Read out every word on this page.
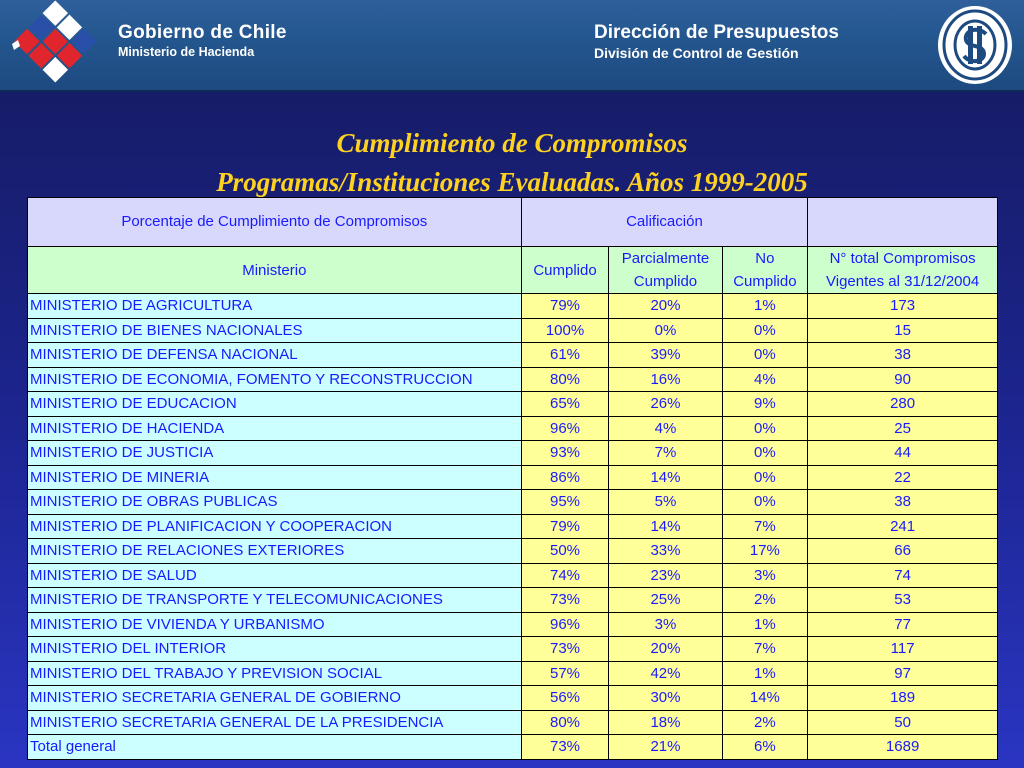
Gobierno de Chile
Ministerio de Hacienda
Dirección de Presupuestos
División de Control de Gestión
Cumplimiento de Compromisos
Programas/Instituciones Evaluadas. Años 1999-2005
Porcentaje de Cumplimiento de Compromisos	Calificación			
Ministerio	Cumplido	Parcialmente Cumplido	No Cumplido	N° total Compromisos Vigentes al 31/12/2004
MINISTERIO DE AGRICULTURA	79%	20%	1%	173
MINISTERIO DE BIENES NACIONALES	100%	0%	0%	15
MINISTERIO DE DEFENSA NACIONAL	61%	39%	0%	38
MINISTERIO DE ECONOMIA, FOMENTO Y RECONSTRUCCION	80%	16%	4%	90
MINISTERIO DE EDUCACION	65%	26%	9%	280
MINISTERIO DE HACIENDA	96%	4%	0%	25
MINISTERIO DE JUSTICIA	93%	7%	0%	44
MINISTERIO DE MINERIA	86%	14%	0%	22
MINISTERIO DE OBRAS PUBLICAS	95%	5%	0%	38
MINISTERIO DE PLANIFICACION Y COOPERACION	79%	14%	7%	241
MINISTERIO DE RELACIONES EXTERIORES	50%	33%	17%	66
MINISTERIO DE SALUD	74%	23%	3%	74
MINISTERIO DE TRANSPORTE Y TELECOMUNICACIONES	73%	25%	2%	53
MINISTERIO DE VIVIENDA Y URBANISMO	96%	3%	1%	77
MINISTERIO DEL INTERIOR	73%	20%	7%	117
MINISTERIO DEL TRABAJO Y PREVISION SOCIAL	57%	42%	1%	97
MINISTERIO SECRETARIA GENERAL DE GOBIERNO	56%	30%	14%	189
MINISTERIO SECRETARIA GENERAL DE LA PRESIDENCIA	80%	18%	2%	50
Total general	73%	21%	6%	1689
